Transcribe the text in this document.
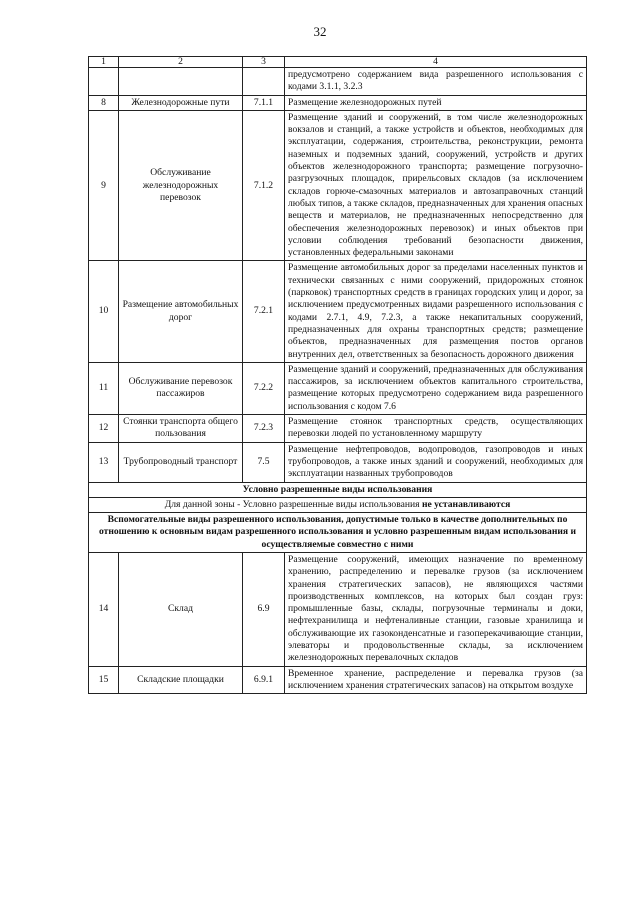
32
1	2	3	4
			предусмотрено содержанием вида разрешенного использования с кодами 3.1.1, 3.2.3
8	Железнодорожные пути	7.1.1	Размещение железнодорожных путей
9	Обслуживание железнодорожных перевозок	7.1.2	Размещение зданий и сооружений, в том числе железнодорожных вокзалов и станций, а также устройств и объектов, необходимых для эксплуатации, содержания, строительства, реконструкции, ремонта наземных и подземных зданий, сооружений, устройств и других объектов железнодорожного транспорта; размещение погрузочно-разгрузочных площадок, прирельсовых складов (за исключением складов горюче-смазочных материалов и автозаправочных станций любых типов, а также складов, предназначенных для хранения опасных веществ и материалов, не предназначенных непосредственно для обеспечения железнодорожных перевозок) и иных объектов при условии соблюдения требований безопасности движения, установленных федеральными законами
10	Размещение автомобильных дорог	7.2.1	Размещение автомобильных дорог за пределами населенных пунктов и технически связанных с ними сооружений, придорожных стоянок (парковок) транспортных средств в границах городских улиц и дорог, за исключением предусмотренных видами разрешенного использования с кодами 2.7.1, 4.9, 7.2.3, а также некапитальных сооружений, предназначенных для охраны транспортных средств; размещение объектов, предназначенных для размещения постов органов внутренних дел, ответственных за безопасность дорожного движения
11	Обслуживание перевозок пассажиров	7.2.2	Размещение зданий и сооружений, предназначенных для обслуживания пассажиров, за исключением объектов капитального строительства, размещение которых предусмотрено содержанием вида разрешенного использования с кодом 7.6
12	Стоянки транспорта общего пользования	7.2.3	Размещение стоянок транспортных средств, осуществляющих перевозки людей по установленному маршруту
13	Трубопроводный транспорт	7.5	Размещение нефтепроводов, водопроводов, газопроводов и иных трубопроводов, а также иных зданий и сооружений, необходимых для эксплуатации названных трубопроводов
Условно разрешенные виды использования			
Для данной зоны - Условно разрешенные виды использования не устанавливаются			
Вспомогательные виды разрешенного использования, допустимые только в качестве дополнительных по отношению к основным видам разрешенного использования и условно разрешенным видам использования и осуществляемые совместно с ними			
14	Склад	6.9	Размещение сооружений, имеющих назначение по временному хранению, распределению и перевалке грузов (за исключением хранения стратегических запасов), не являющихся частями производственных комплексов, на которых был создан груз: промышленные базы, склады, погрузочные терминалы и доки, нефтехранилища и нефтеналивные станции, газовые хранилища и обслуживающие их газоконденсатные и газоперекачивающие станции, элеваторы и продовольственные склады, за исключением железнодорожных перевалочных складов
15	Складские площадки	6.9.1	Временное хранение, распределение и перевалка грузов (за исключением хранения стратегических запасов) на открытом воздухе
